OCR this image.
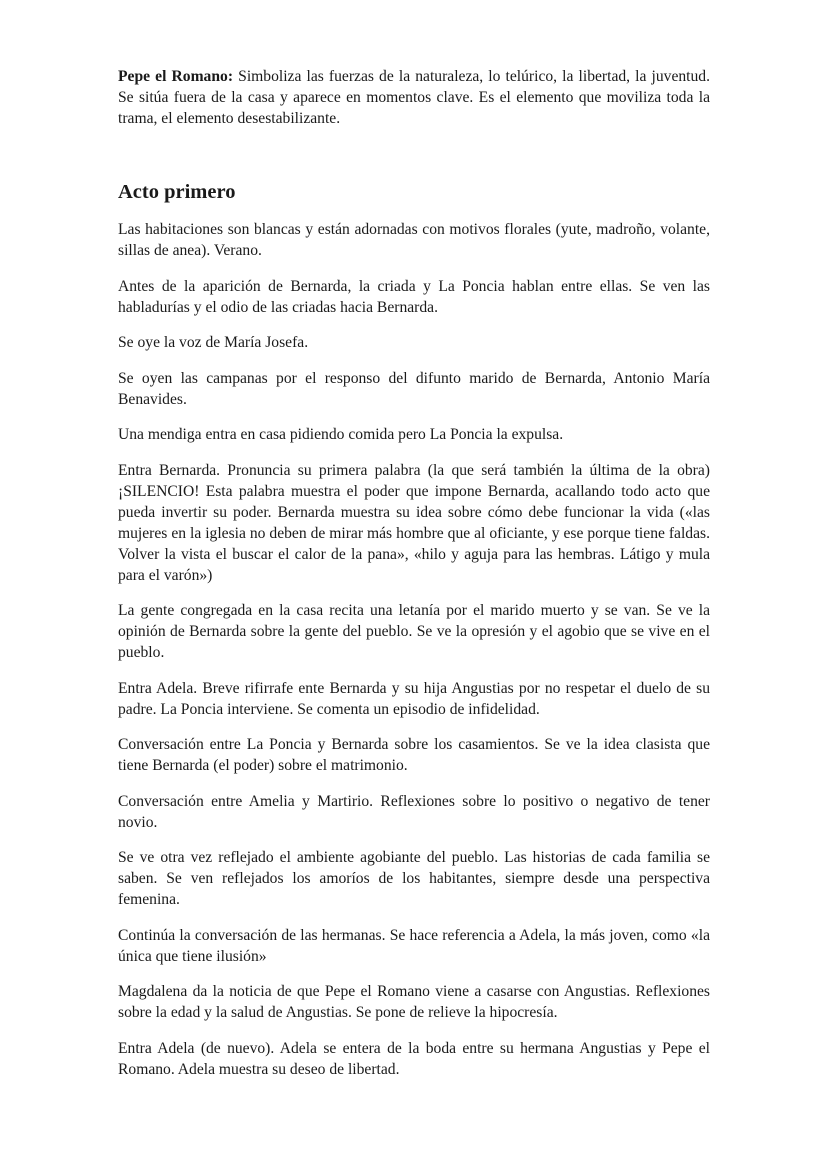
Pepe el Romano: Simboliza las fuerzas de la naturaleza, lo telúrico, la libertad, la juventud. Se sitúa fuera de la casa y aparece en momentos clave. Es el elemento que moviliza toda la trama, el elemento desestabilizante.

Acto primero

Las habitaciones son blancas y están adornadas con motivos florales (yute, madroño, volante, sillas de anea). Verano.

Antes de la aparición de Bernarda, la criada y La Poncia hablan entre ellas. Se ven las habladurías y el odio de las criadas hacia Bernarda.

Se oye la voz de María Josefa.

Se oyen las campanas por el responso del difunto marido de Bernarda, Antonio María Benavides.

Una mendiga entra en casa pidiendo comida pero La Poncia la expulsa.

Entra Bernarda. Pronuncia su primera palabra (la que será también la última de la obra) ¡SILENCIO! Esta palabra muestra el poder que impone Bernarda, acallando todo acto que pueda invertir su poder. Bernarda muestra su idea sobre cómo debe funcionar la vida («las mujeres en la iglesia no deben de mirar más hombre que al oficiante, y ese porque tiene faldas. Volver la vista el buscar el calor de la pana», «hilo y aguja para las hembras. Látigo y mula para el varón»)

La gente congregada en la casa recita una letanía por el marido muerto y se van. Se ve la opinión de Bernarda sobre la gente del pueblo. Se ve la opresión y el agobio que se vive en el pueblo.

Entra Adela. Breve rifirrafe ente Bernarda y su hija Angustias por no respetar el duelo de su padre. La Poncia interviene. Se comenta un episodio de infidelidad.

Conversación entre La Poncia y Bernarda sobre los casamientos. Se ve la idea clasista que tiene Bernarda (el poder) sobre el matrimonio.

Conversación entre Amelia y Martirio. Reflexiones sobre lo positivo o negativo de tener novio.

Se ve otra vez reflejado el ambiente agobiante del pueblo. Las historias de cada familia se saben. Se ven reflejados los amoríos de los habitantes, siempre desde una perspectiva femenina.

Continúa la conversación de las hermanas. Se hace referencia a Adela, la más joven, como «la única que tiene ilusión»

Magdalena da la noticia de que Pepe el Romano viene a casarse con Angustias. Reflexiones sobre la edad y la salud de Angustias. Se pone de relieve la hipocresía.

Entra Adela (de nuevo). Adela se entera de la boda entre su hermana Angustias y Pepe el Romano. Adela muestra su deseo de libertad.
